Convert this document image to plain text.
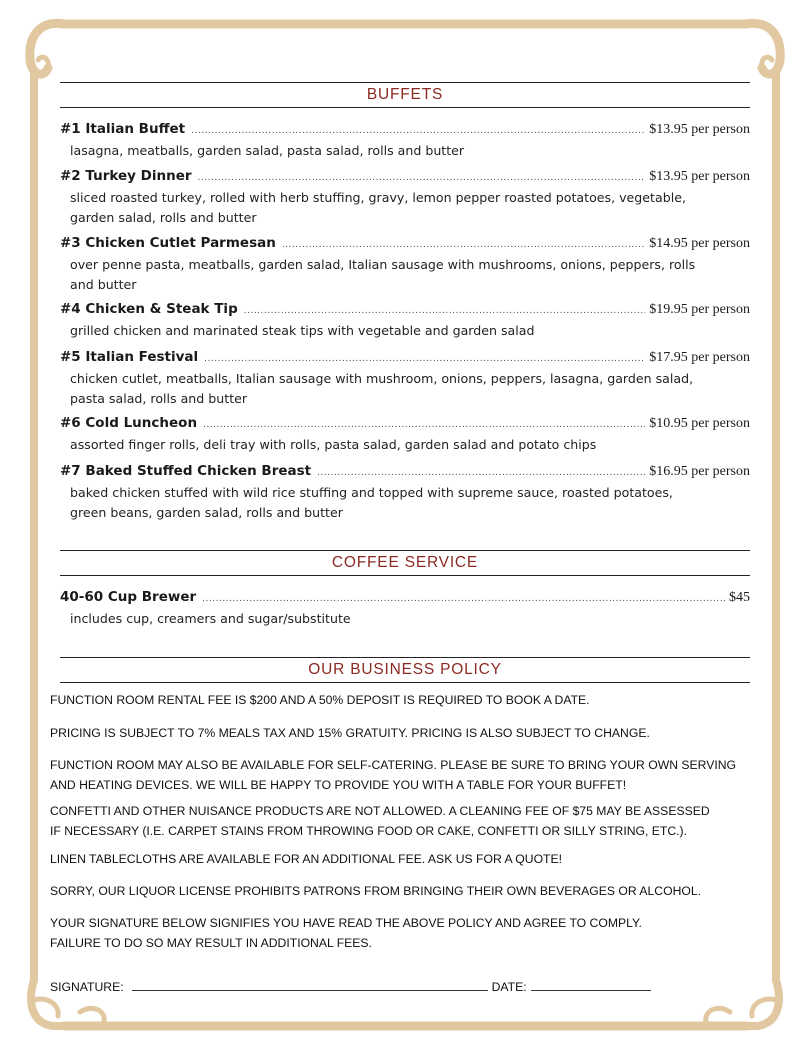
BUFFETS
#1 Italian Buffet .....	$13.95 per person
lasagna, meatballs, garden salad, pasta salad, rolls and butter
#2 Turkey Dinner .....	$13.95 per person
sliced roasted turkey, rolled with herb stuffing, gravy, lemon pepper roasted potatoes, vegetable, garden salad, rolls and butter
#3 Chicken Cutlet Parmesan .....	$14.95 per person
over penne pasta, meatballs, garden salad, Italian sausage with mushrooms, onions, peppers, rolls and butter
#4 Chicken & Steak Tip .....	$19.95 per person
grilled chicken and marinated steak tips with vegetable and garden salad
#5 Italian Festival .....	$17.95 per person
chicken cutlet, meatballs, Italian sausage with mushroom, onions, peppers, lasagna, garden salad, pasta salad, rolls and butter
#6 Cold Luncheon .....	$10.95 per person
assorted finger rolls, deli tray with rolls, pasta salad, garden salad and potato chips
#7 Baked Stuffed Chicken Breast .....	$16.95 per person
baked chicken stuffed with wild rice stuffing and topped with supreme sauce, roasted potatoes, green beans, garden salad, rolls and butter
COFFEE SERVICE
40-60 Cup Brewer .....	$45
includes cup, creamers and sugar/substitute
OUR BUSINESS POLICY
FUNCTION ROOM RENTAL FEE IS $200 AND A 50% DEPOSIT IS REQUIRED TO BOOK A DATE.
PRICING IS SUBJECT TO 7% MEALS TAX AND 15% GRATUITY. PRICING IS ALSO SUBJECT TO CHANGE.
FUNCTION ROOM MAY ALSO BE AVAILABLE FOR SELF-CATERING. PLEASE BE SURE TO BRING YOUR OWN SERVING
AND HEATING DEVICES. WE WILL BE HAPPY TO PROVIDE YOU WITH A TABLE FOR YOUR BUFFET!
CONFETTI AND OTHER NUISANCE PRODUCTS ARE NOT ALLOWED. A CLEANING FEE OF $75 MAY BE ASSESSED
IF NECESSARY (I.E. CARPET STAINS FROM THROWING FOOD OR CAKE, CONFETTI OR SILLY STRING, ETC.).
LINEN TABLECLOTHS ARE AVAILABLE FOR AN ADDITIONAL FEE. ASK US FOR A QUOTE!
SORRY, OUR LIQUOR LICENSE PROHIBITS PATRONS FROM BRINGING THEIR OWN BEVERAGES OR ALCOHOL.
YOUR SIGNATURE BELOW SIGNIFIES YOU HAVE READ THE ABOVE POLICY AND AGREE TO COMPLY.
FAILURE TO DO SO MAY RESULT IN ADDITIONAL FEES.
SIGNATURE:	DATE:
